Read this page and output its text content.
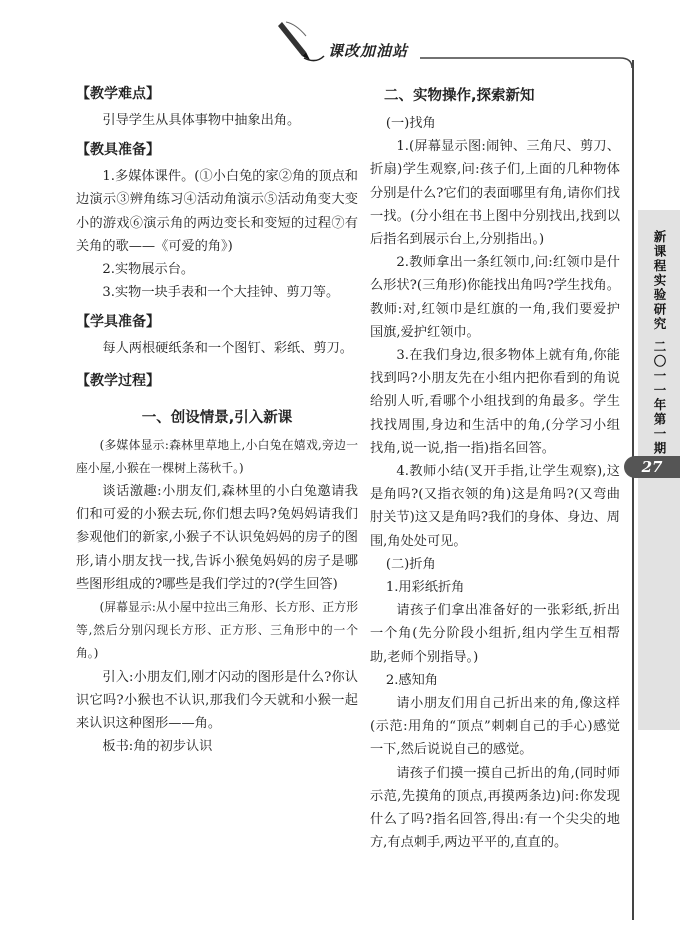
课改加油站
【教学难点】

引导学生从具体事物中抽象出角。

【教具准备】

1.多媒体课件。(①小白兔的家②角的顶点和边演示③辨角练习④活动角演示⑤活动角变大变小的游戏⑥演示角的两边变长和变短的过程⑦有关角的歌——《可爱的角》)

2.实物展示台。

3.实物一块手表和一个大挂钟、剪刀等。

【学具准备】

每人两根硬纸条和一个图钉、彩纸、剪刀。

【教学过程】
一、创设情景,引入新课

(多媒体显示:森林里草地上,小白兔在嬉戏,旁边一座小屋,小猴在一棵树上荡秋千。)

谈话激趣:小朋友们,森林里的小白兔邀请我们和可爱的小猴去玩,你们想去吗?兔妈妈请我们参观他们的新家,小猴子不认识兔妈妈的房子的图形,请小朋友找一找,告诉小猴兔妈妈的房子是哪些图形组成的?哪些是我们学过的?(学生回答)

(屏幕显示:从小屋中拉出三角形、长方形、正方形等,然后分别闪现长方形、正方形、三角形中的一个角。)

引入:小朋友们,刚才闪动的图形是什么?你认识它吗?小猴也不认识,那我们今天就和小猴一起来认识这种图形——角。

板书:角的初步认识

二、实物操作,探索新知

(一)找角

1.(屏幕显示图:闹钟、三角尺、剪刀、折扇)学生观察,问:孩子们,上面的几种物体分别是什么?它们的表面哪里有角,请你们找一找。(分小组在书上图中分别找出,找到以后指名到展示台上,分别指出。)

2.教师拿出一条红领巾,问:红领巾是什么形状?(三角形)你能找出角吗?学生找角。教师:对,红领巾是红旗的一角,我们要爱护国旗,爱护红领巾。

3.在我们身边,很多物体上就有角,你能找到吗?小朋友先在小组内把你看到的角说给别人听,看哪个小组找到的角最多。学生找找周围,身边和生活中的角,(分学习小组找角,说一说,指一指)指名回答。

4.教师小结(叉开手指,让学生观察),这是角吗?(又指衣领的角)这是角吗?(又弯曲肘关节)这又是角吗?我们的身体、身边、周围,角处处可见。

(二)折角

1.用彩纸折角

请孩子们拿出准备好的一张彩纸,折出一个角(先分阶段小组折,组内学生互相帮助,老师个别指导。)

2.感知角

请小朋友们用自己折出来的角,像这样(示范:用角的“顶点”刺刺自己的手心)感觉一下,然后说说自己的感觉。

请孩子们摸一摸自己折出的角,(同时师示范,先摸角的顶点,再摸两条边)问:你发现什么了吗?指名回答,得出:有一个尖尖的地方,有点刺手,两边平平的,直直的。

新课程实验研究
二〇一一年第一期
27
